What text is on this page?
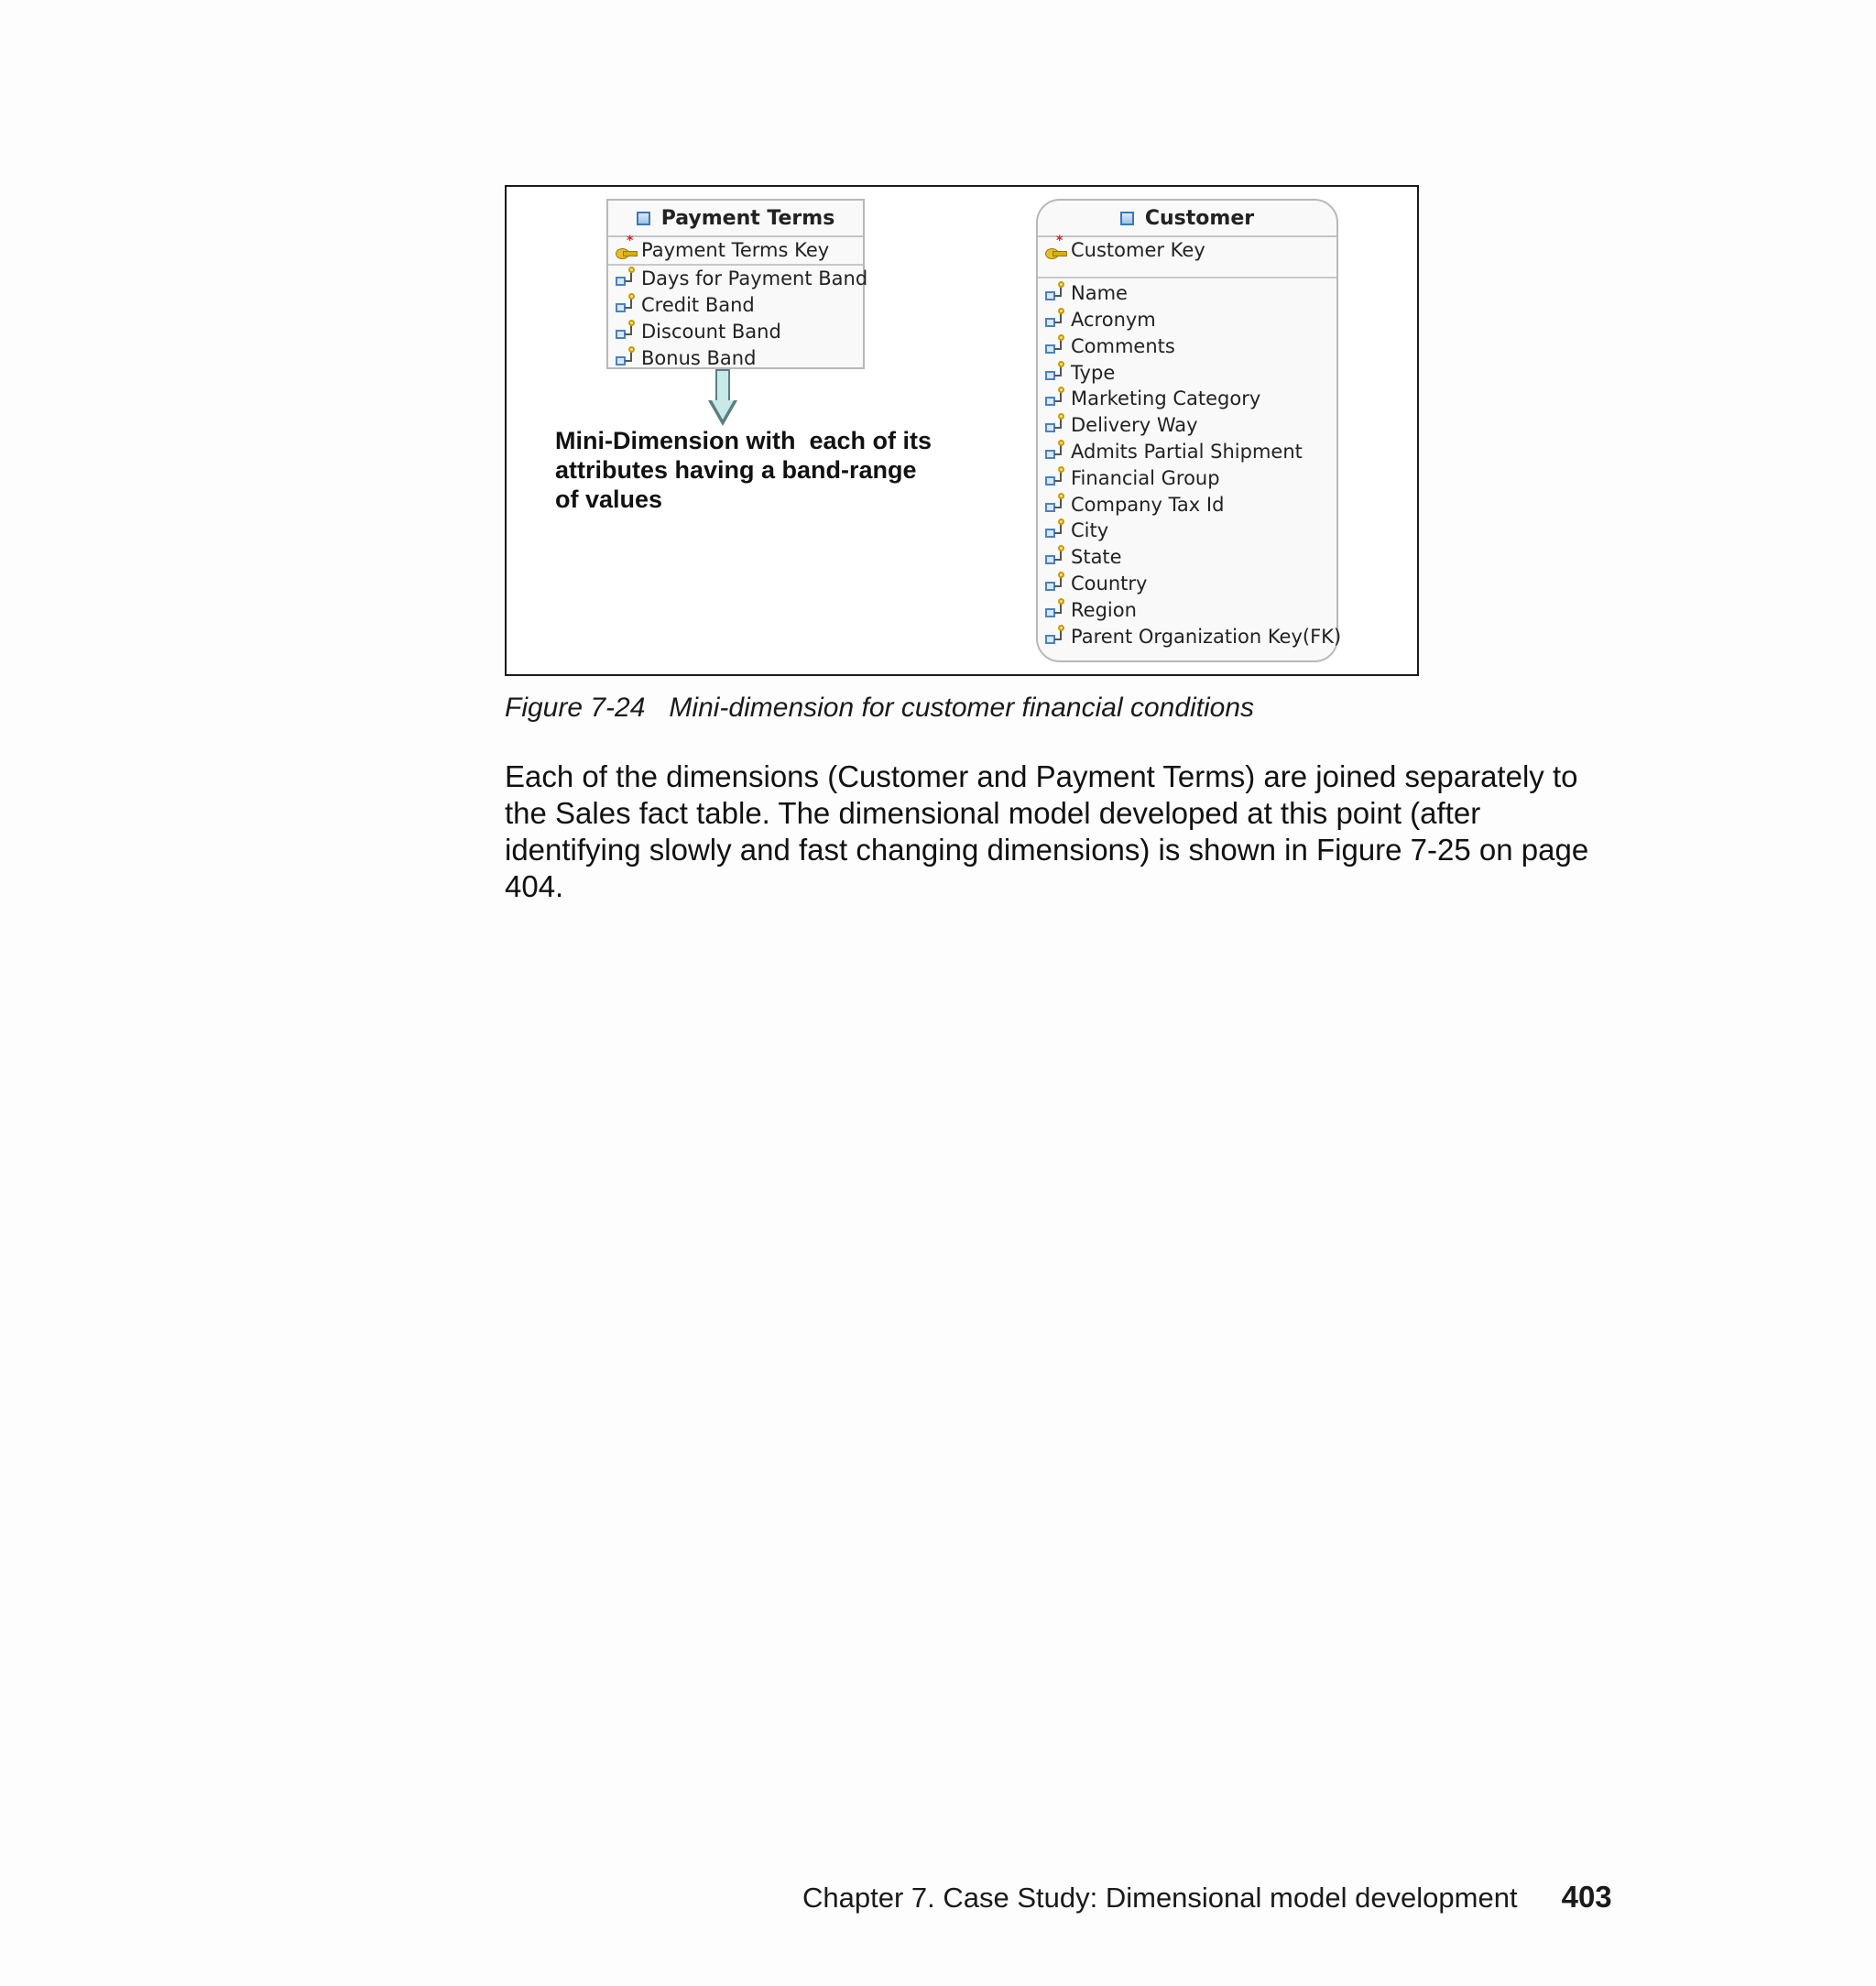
Payment Terms
* Payment Terms Key
Days for Payment Band
Credit Band
Discount Band
Bonus Band
Customer
* Customer Key
Name
Acronym
Comments
Type
Marketing Category
Delivery Way
Admits Partial Shipment
Financial Group
Company Tax Id
City
State
Country
Region
Parent Organization Key(FK)
Mini-Dimension with  each of its
attributes having a band-range
of values
Figure 7-24 Mini-dimension for customer financial conditions
Each of the dimensions (Customer and Payment Terms) are joined separately to the Sales fact table. The dimensional model developed at this point (after identifying slowly and fast changing dimensions) is shown in Figure 7-25 on page 404.
Chapter 7. Case Study: Dimensional model development 403
